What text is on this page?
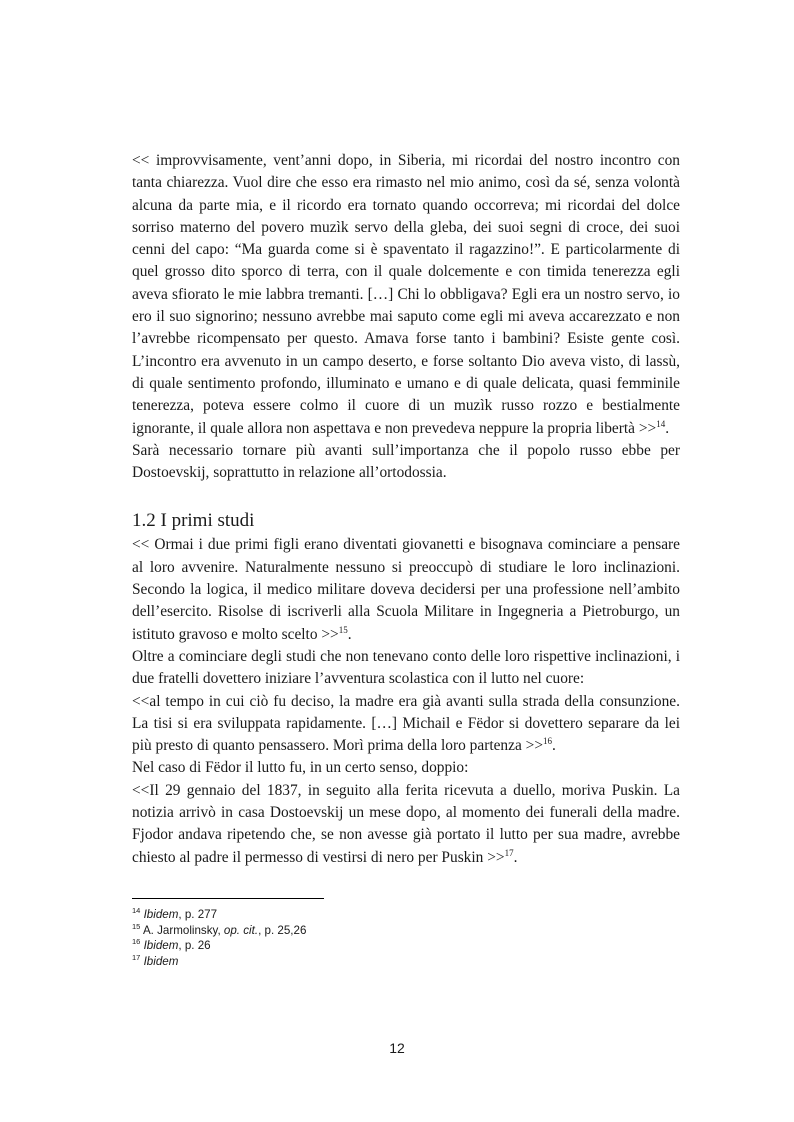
<< improvvisamente, vent’anni dopo, in Siberia, mi ricordai del nostro incontro con tanta chiarezza. Vuol dire che esso era rimasto nel mio animo, così da sé, senza volontà alcuna da parte mia, e il ricordo era tornato quando occorreva; mi ricordai del dolce sorriso materno del povero muzìk servo della gleba, dei suoi segni di croce, dei suoi cenni del capo: “Ma guarda come si è spaventato il ragazzino!”. E particolarmente di quel grosso dito sporco di terra, con il quale dolcemente e con timida tenerezza egli aveva sfiorato le mie labbra tremanti. […] Chi lo obbligava? Egli era un nostro servo, io ero il suo signorino; nessuno avrebbe mai saputo come egli mi aveva accarezzato e non l’avrebbe ricompensato per questo. Amava forse tanto i bambini? Esiste gente così. L’incontro era avvenuto in un campo deserto, e forse soltanto Dio aveva visto, di lassù, di quale sentimento profondo, illuminato e umano e di quale delicata, quasi femminile tenerezza, poteva essere colmo il cuore di un muzìk russo rozzo e bestialmente ignorante, il quale allora non aspettava e non prevedeva neppure la propria libertà >>$^{14}$.

Sarà necessario tornare più avanti sull’importanza che il popolo russo ebbe per Dostoevskij, soprattutto in relazione all’ortodossia.

1.2 I primi studi

<< Ormai i due primi figli erano diventati giovanetti e bisognava cominciare a pensare al loro avvenire. Naturalmente nessuno si preoccupò di studiare le loro inclinazioni. Secondo la logica, il medico militare doveva decidersi per una professione nell’ambito dell’esercito. Risolse di iscriverli alla Scuola Militare in Ingegneria a Pietroburgo, un istituto gravoso e molto scelto >>$^{15}$.

Oltre a cominciare degli studi che non tenevano conto delle loro rispettive inclinazioni, i due fratelli dovettero iniziare l’avventura scolastica con il lutto nel cuore:

<<al tempo in cui ciò fu deciso, la madre era già avanti sulla strada della consunzione. La tisi si era sviluppata rapidamente. […] Michail e Fëdor si dovettero separare da lei più presto di quanto pensassero. Morì prima della loro partenza >>$^{16}$.

Nel caso di Fëdor il lutto fu, in un certo senso, doppio:

<<Il 29 gennaio del 1837, in seguito alla ferita ricevuta a duello, moriva Puskin. La notizia arrivò in casa Dostoevskij un mese dopo, al momento dei funerali della madre. Fjodor andava ripetendo che, se non avesse già portato il lutto per sua madre, avrebbe chiesto al padre il permesso di vestirsi di nero per Puskin >>$^{17}$.

$^{14}$ Ibidem, p. 277

$^{15}$ A. Jarmolinsky, op. cit., p. 25,26

$^{16}$ Ibidem, p. 26

$^{17}$ Ibidem

12
